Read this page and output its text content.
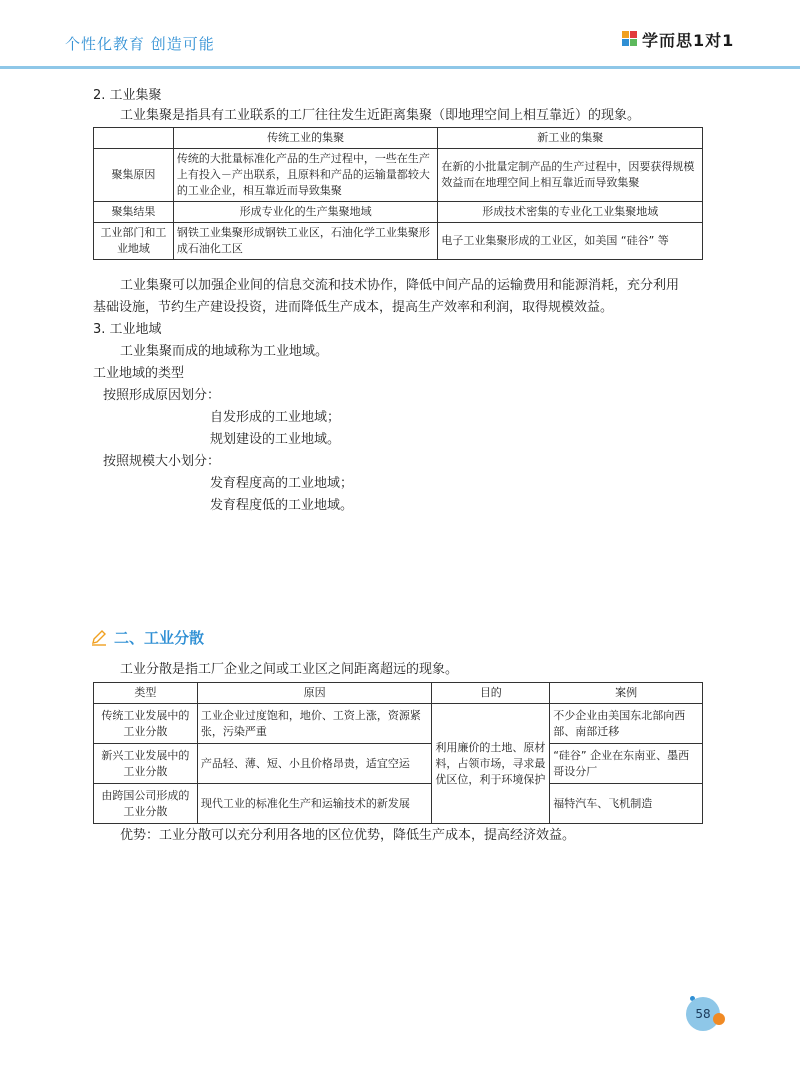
个性化教育 创造可能	学而思1对1
2. 工业集聚
工业集聚是指具有工业联系的工厂往往发生近距离集聚（即地理空间上相互靠近）的现象。
	传统工业的集聚	新工业的集聚
聚集原因	传统的大批量标准化产品的生产过程中，一些在生产上有投入－产出联系，且原料和产品的运输量都较大的工业企业，相互靠近而导致集聚	在新的小批量定制产品的生产过程中，因要获得规模效益而在地理空间上相互靠近而导致集聚
聚集结果	形成专业化的生产集聚地域	形成技术密集的专业化工业集聚地域
工业部门和工业地域	钢铁工业集聚形成钢铁工业区，石油化学工业集聚形成石油化工区	电子工业集聚形成的工业区，如美国 “硅谷” 等
工业集聚可以加强企业间的信息交流和技术协作，降低中间产品的运输费用和能源消耗，充分利用
基础设施，节约生产建设投资，进而降低生产成本，提高生产效率和利润，取得规模效益。
3. 工业地域
工业集聚而成的地域称为工业地域。
工业地域的类型
按照形成原因划分：
自发形成的工业地域；
规划建设的工业地域。
按照规模大小划分：
发育程度高的工业地域；
发育程度低的工业地域。
二、工业分散
工业分散是指工厂企业之间或工业区之间距离超远的现象。
类型	原因	目的	案例
传统工业发展中的工业分散	工业企业过度饱和，地价、工资上涨，资源紧张，污染严重	利用廉价的土地、原材料，占领市场，寻求最优区位，利于环境保护	不少企业由美国东北部向西部、南部迁移
新兴工业发展中的工业分散	产品轻、薄、短、小且价格昂贵，适宜空运		“硅谷” 企业在东南亚、墨西哥设分厂
由跨国公司形成的工业分散	现代工业的标准化生产和运输技术的新发展		福特汽车、飞机制造
优势：工业分散可以充分利用各地的区位优势，降低生产成本，提高经济效益。
58
